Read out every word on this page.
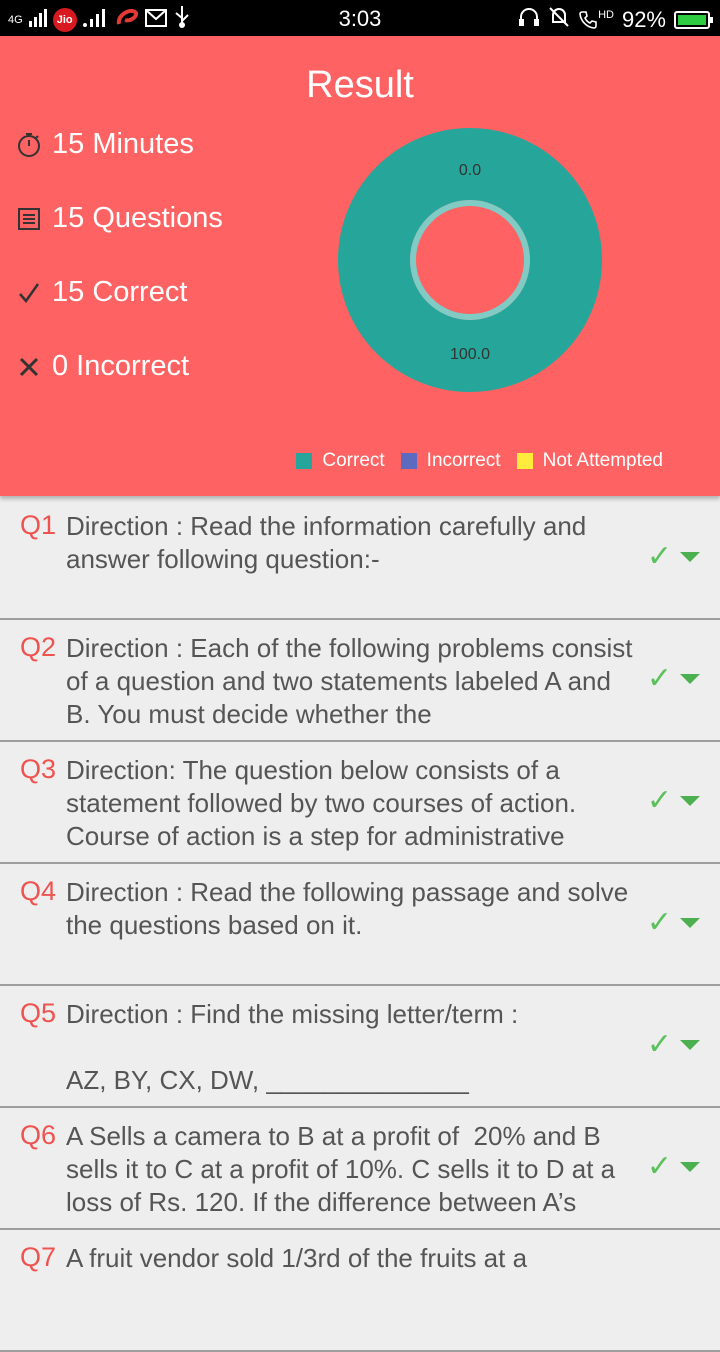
4G	Jio	3:03	HD 92%
Result
15 Minutes
15 Questions
15 Correct
0 Incorrect	100.0
0.0
Correct Incorrect Not Attempted
Q1 Direction : Read the information carefully and answer following question:-	✓
Q2 Direction : Each of the following problems consist of a question and two statements labeled A and B. You must decide whether the
✓
Q3 Direction: The question below consists of a statement followed by two courses of action. Course of action is a step for administrative
✓
Q4 Direction : Read the following passage and solve the questions based on it.	✓
Q5 Direction : Find the missing letter/term :

AZ, BY, CX, DW, ______________
✓
Q6 A Sells a camera to B at a profit of  20% and B sells it to C at a profit of 10%. C sells it to D at a loss of Rs. 120. If the difference between A’s
✓
Q7 A fruit vendor sold 1/3rd of the fruits at a
